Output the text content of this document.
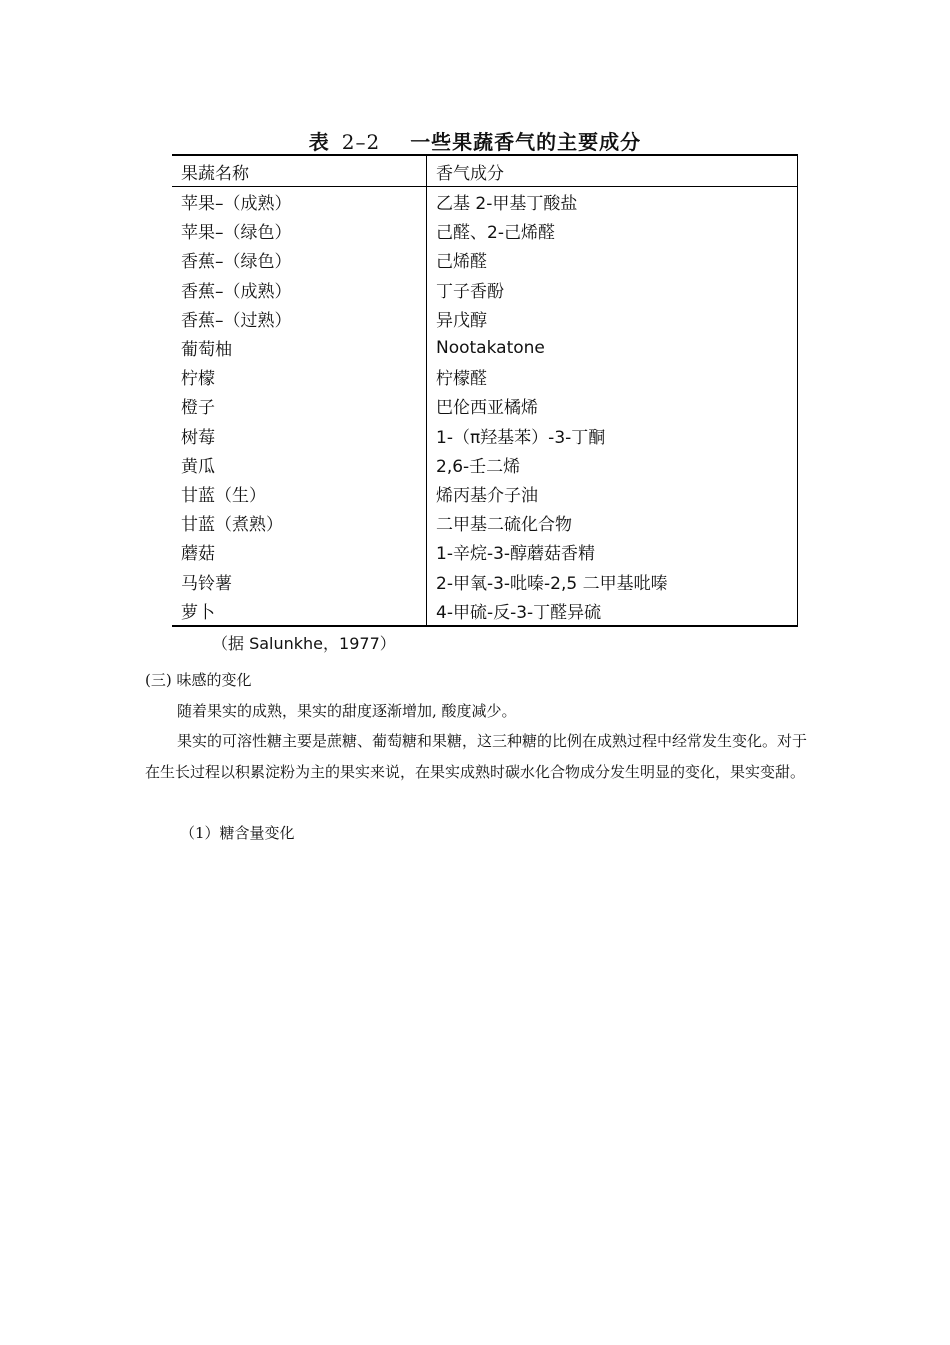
表 2–2 一些果蔬香气的主要成分
果蔬名称	香气成分
苹果–（成熟）	乙基 2-甲基丁酸盐
苹果–（绿色）	己醛、2-己烯醛
香蕉–（绿色）	己烯醛
香蕉–（成熟）	丁子香酚
香蕉–（过熟）	异戊醇
葡萄柚	Nootakatone
柠檬	柠檬醛
橙子	巴伦西亚橘烯
树莓	1-（π羟基苯）-3-丁酮
黄瓜	2,6-壬二烯
甘蓝（生）	烯丙基介子油
甘蓝（煮熟）	二甲基二硫化合物
蘑菇	1-辛烷-3-醇蘑菇香精
马铃薯	2-甲氧-3-吡嗪-2,5 二甲基吡嗪
萝卜	4-甲硫-反-3-丁醛异硫
（据 Salunkhe，1977）
(三) 味感的变化

随着果实的成熟，果实的甜度逐渐增加, 酸度减少。

果实的可溶性糖主要是蔗糖、葡萄糖和果糖，这三种糖的比例在成熟过程中经常发生变化。对于在生长过程以积累淀粉为主的果实来说，在果实成熟时碳水化合物成分发生明显的变化，果实变甜。

（1）糖含量变化
